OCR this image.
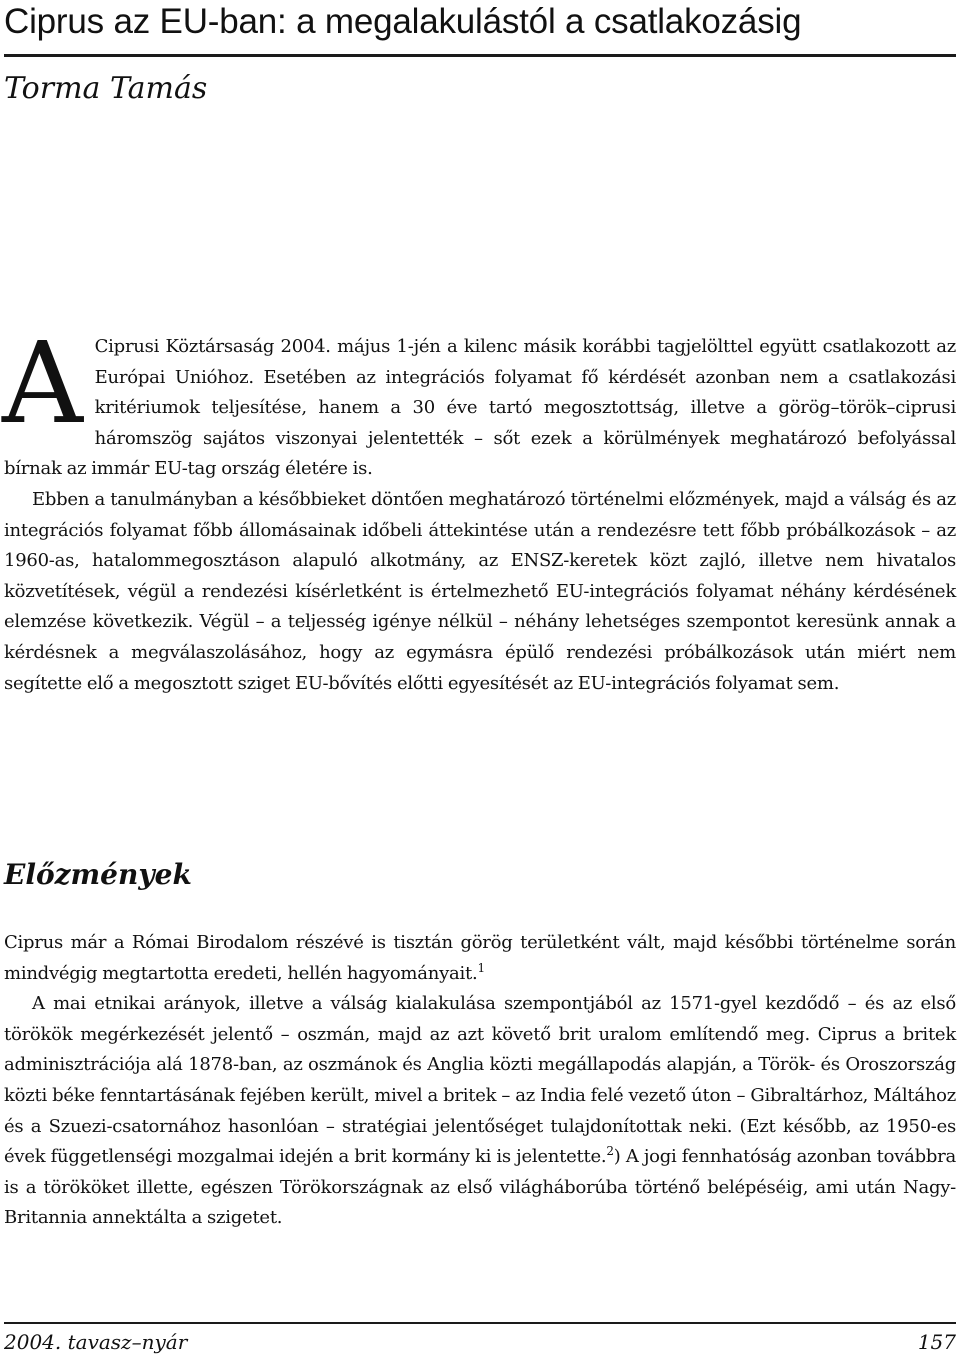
Ciprus az EU-ban: a megalakulástól a csatlakozásig

Torma Tamás

A Ciprusi Köztársaság 2004. május 1-jén a kilenc másik korábbi tagjelölttel együtt csatlakozott az Európai Unióhoz. Esetében az integrációs folyamat fő kérdését azonban nem a csatlakozási kritériumok teljesítése, hanem a 30 éve tartó megosztottság, illetve a görög–török–ciprusi háromszög sajátos viszonyai jelentették – sőt ezek a körülmények meghatározó befolyással bírnak az immár EU-tag ország életére is.

Ebben a tanulmányban a későbbieket döntően meghatározó történelmi előzmények, majd a válság és az integrációs folyamat főbb állomásainak időbeli áttekintése után a rendezésre tett főbb próbálkozások – az 1960-as, hatalommegosztáson alapuló alkotmány, az ENSZ-keretek közt zajló, illetve nem hivatalos közvetítések, végül a rendezési kísérletként is értelmezhető EU-integrációs folyamat néhány kérdésének elemzése következik. Végül – a teljesség igénye nélkül – néhány lehetséges szempontot keresünk annak a kérdésnek a megválaszolásához, hogy az egymásra épülő rendezési próbálkozások után miért nem segítette elő a megosztott sziget EU-bővítés előtti egyesítését az EU-integrációs folyamat sem.

Előzmények

Ciprus már a Római Birodalom részévé is tisztán görög területként vált, majd későbbi történelme során mindvégig megtartotta eredeti, hellén hagyományait.$^1$

A mai etnikai arányok, illetve a válság kialakulása szempontjából az 1571-gyel kezdődő – és az első törökök megérkezését jelentő – oszmán, majd az azt követő brit uralom említendő meg. Ciprus a britek adminisztrációja alá 1878-ban, az oszmánok és Anglia közti megállapodás alapján, a Török- és Oroszország közti béke fenntartásának fejében került, mivel a britek – az India felé vezető úton – Gibraltárhoz, Máltához és a Szuezi-csatornához hasonlóan – stratégiai jelentőséget tulajdonítottak neki. (Ezt később, az 1950-es évek függetlenségi mozgalmai idején a brit kormány ki is jelentette.$^2$) A jogi fennhatóság azonban továbbra is a törököket illette, egészen Törökországnak az első világháborúba történő belépéséig, ami után Nagy-Britannia annektálta a szigetet.

2004. tavasz–nyár	157
